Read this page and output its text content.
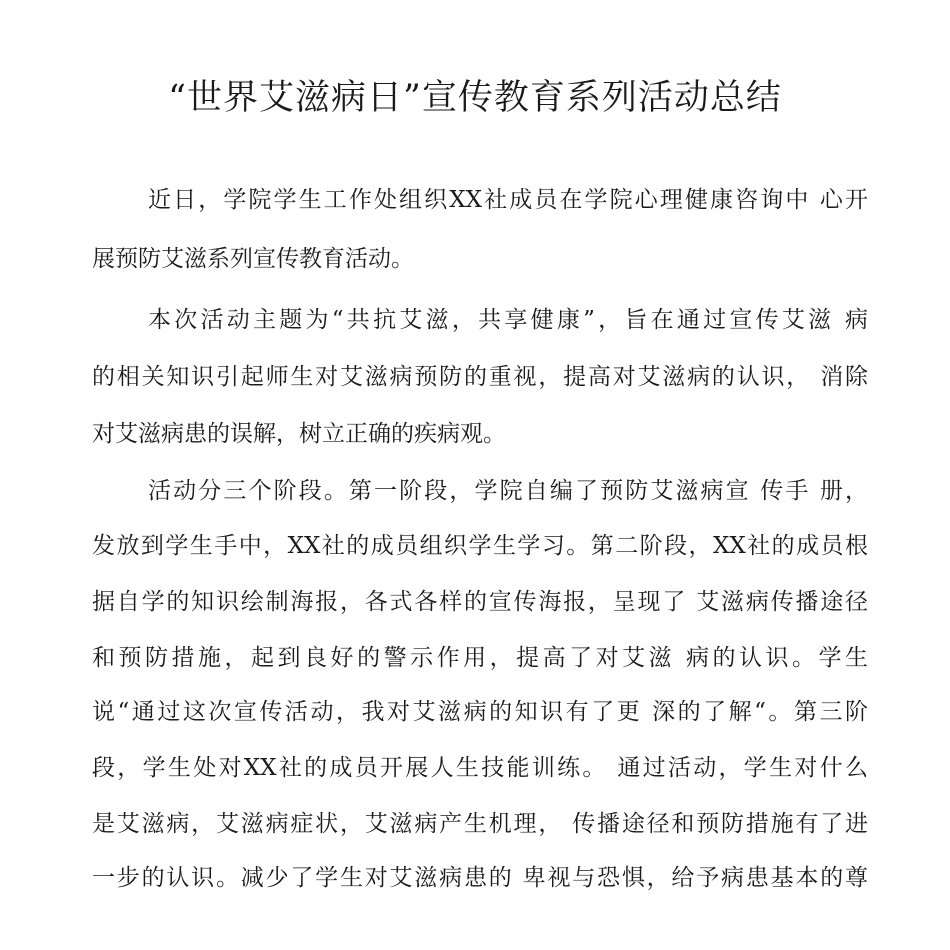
“世界艾滋病日”宣传教育系列活动总结
近日，学院学生工作处组织XX社成员在学院心理健康咨询中 心开
展预防艾滋系列宣传教育活动。
本次活动主题为“共抗艾滋，共享健康”，旨在通过宣传艾滋 病
的相关知识引起师生对艾滋病预防的重视，提高对艾滋病的认识， 消除
对艾滋病患的误解，树立正确的疾病观。
活动分三个阶段。第一阶段，学院自编了预防艾滋病宣 传手 册，
发放到学生手中，XX社的成员组织学生学习。第二阶段，XX社的成员根
据自学的知识绘制海报，各式各样的宣传海报，呈现了 艾滋病传播途径
和预防措施，起到良好的警示作用，提高了对艾滋 病的认识。学生
说“通过这次宣传活动，我对艾滋病的知识有了更 深的了解“。第三阶
段，学生处对XX社的成员开展人生技能训练。 通过活动，学生对什么
是艾滋病，艾滋病症状，艾滋病产生机理， 传播途径和预防措施有了进
一步的认识。减少了学生对艾滋病患的 卑视与恐惧，给予病患基本的尊
